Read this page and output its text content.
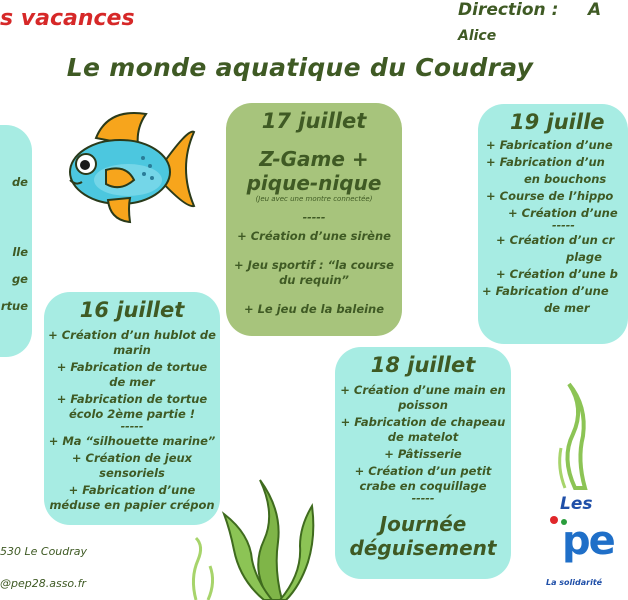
s vacances	Direction : A
Alice
Le monde aquatique du Coudray
de
lle
ge
rtue
17 juillet
Z-Game + pique-nique
(Jeu avec une montre connectée)
-----
+ Création d’une sirène
+ Jeu sportif : “la course du requin”
+ Le jeu de la baleine
19 juille
+ Fabrication d’une
+ Fabrication d’un
en bouchons
+ Course de l’hippo
+ Création d’une
-----
+ Création d’un cr
plage
+ Création d’une b
+ Fabrication d’une
de mer
16 juillet
+ Création d’un hublot de marin
+ Fabrication de tortue de mer
+ Fabrication de tortue écolo 2ème partie !
-----
+ Ma “silhouette marine”
+ Création de jeux sensoriels
+ Fabrication d’une méduse en papier crépon
18 juillet
+ Création d’une main en poisson
+ Fabrication de chapeau de matelot
+ Pâtisserie
+ Création d’un petit crabe en coquillage
-----
Journée déguisement
530 Le Coudray
@pep28.asso.fr
Les
pe
La solidarité
